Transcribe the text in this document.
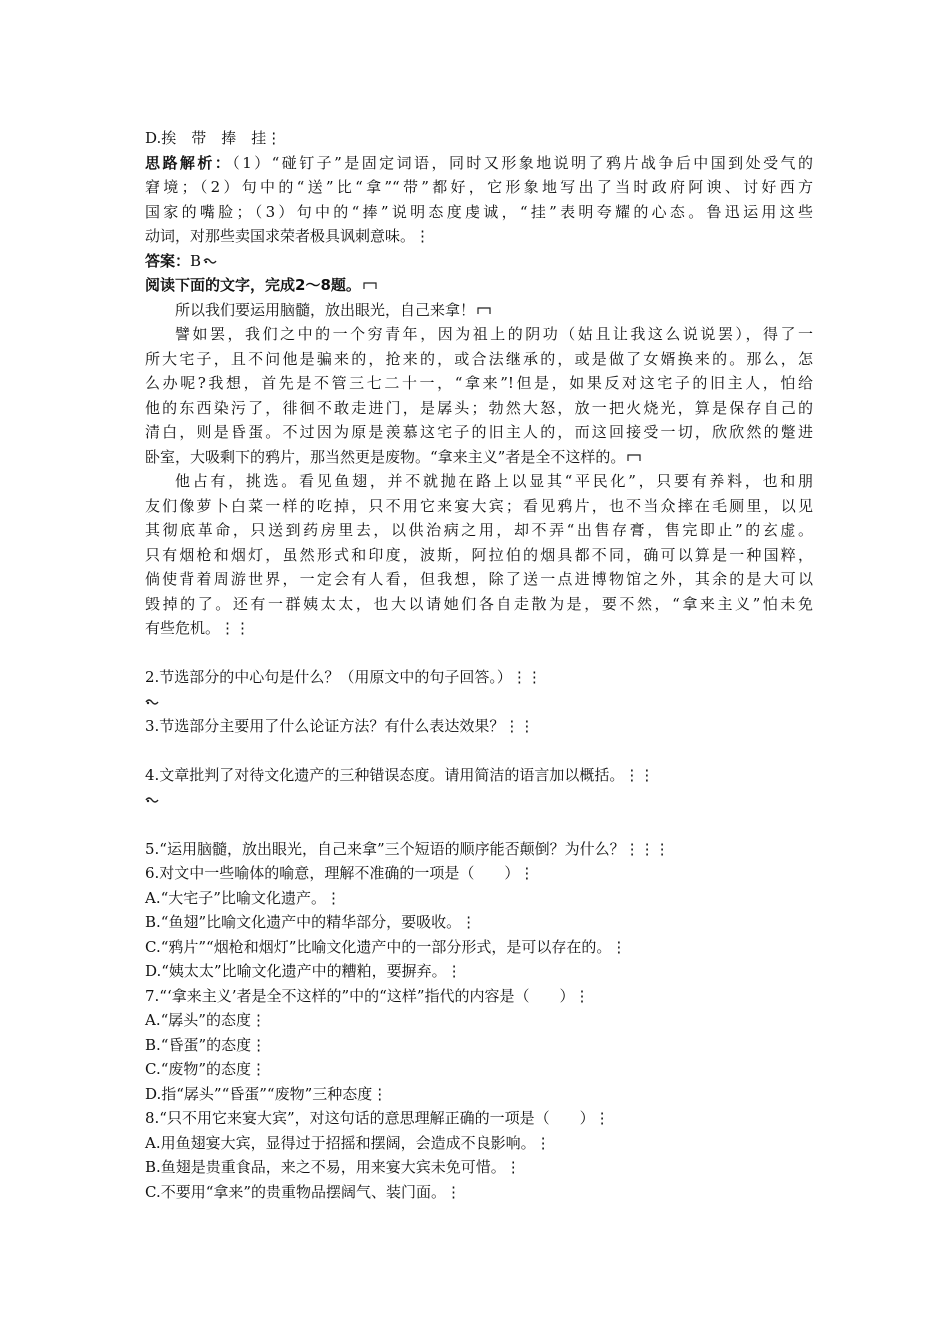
D.挨　带　捧　挂⋮
思路解析：（1）“碰钉子”是固定词语，同时又形象地说明了鸦片战争后中国到处受气的
窘境；（2）句中的“送”比“拿”“带”都好，它形象地写出了当时政府阿谀、讨好西方
国家的嘴脸；（3）句中的“捧”说明态度虔诚，“挂”表明夸耀的心态。鲁迅运用这些
动词，对那些卖国求荣者极具讽刺意味。⋮
答案：B
阅读下面的文字，完成2～8题。
所以我们要运用脑髓，放出眼光，自己来拿！
譬如罢，我们之中的一个穷青年，因为祖上的阴功（姑且让我这么说说罢），得了一
所大宅子，且不问他是骗来的，抢来的，或合法继承的，或是做了女婿换来的。那么，怎
么办呢?我想，首先是不管三七二十一，“拿来”!但是，如果反对这宅子的旧主人，怕给
他的东西染污了，徘徊不敢走进门，是孱头；勃然大怒，放一把火烧光，算是保存自己的
清白，则是昏蛋。不过因为原是羡慕这宅子的旧主人的，而这回接受一切，欣欣然的蹩进
卧室，大吸剩下的鸦片，那当然更是废物。“拿来主义”者是全不这样的。
他占有，挑选。看见鱼翅，并不就抛在路上以显其“平民化”，只要有养料，也和朋
友们像萝卜白菜一样的吃掉，只不用它来宴大宾；看见鸦片，也不当众摔在毛厕里，以见
其彻底革命，只送到药房里去，以供治病之用，却不弄“出售存膏，售完即止”的玄虚。
只有烟枪和烟灯，虽然形式和印度，波斯，阿拉伯的烟具都不同，确可以算是一种国粹，
倘使背着周游世界，一定会有人看，但我想，除了送一点进博物馆之外，其余的是大可以
毁掉的了。还有一群姨太太，也大以请她们各自走散为是，要不然，“拿来主义”怕未免
有些危机。⋮⋮
2.节选部分的中心句是什么？（用原文中的句子回答。）⋮⋮
3.节选部分主要用了什么论证方法？有什么表达效果？⋮⋮
4.文章批判了对待文化遗产的三种错误态度。请用简洁的语言加以概括。⋮⋮
5.“运用脑髓，放出眼光，自己来拿”三个短语的顺序能否颠倒？为什么？⋮⋮⋮
6.对文中一些喻体的喻意，理解不准确的一项是（　　）⋮
A.“大宅子”比喻文化遗产。⋮
B.“鱼翅”比喻文化遗产中的精华部分，要吸收。⋮
C.“鸦片”“烟枪和烟灯”比喻文化遗产中的一部分形式，是可以存在的。⋮
D.“姨太太”比喻文化遗产中的糟粕，要摒弃。⋮
7.“‘拿来主义’者是全不这样的”中的“这样”指代的内容是（　　）⋮
A.“孱头”的态度⋮
B.“昏蛋”的态度⋮
C.“废物”的态度⋮
D.指“孱头”“昏蛋”“废物”三种态度⋮
8.“只不用它来宴大宾”，对这句话的意思理解正确的一项是（　　）⋮
A.用鱼翅宴大宾，显得过于招摇和摆阔，会造成不良影响。⋮
B.鱼翅是贵重食品，来之不易，用来宴大宾未免可惜。⋮
C.不要用“拿来”的贵重物品摆阔气、装门面。⋮
